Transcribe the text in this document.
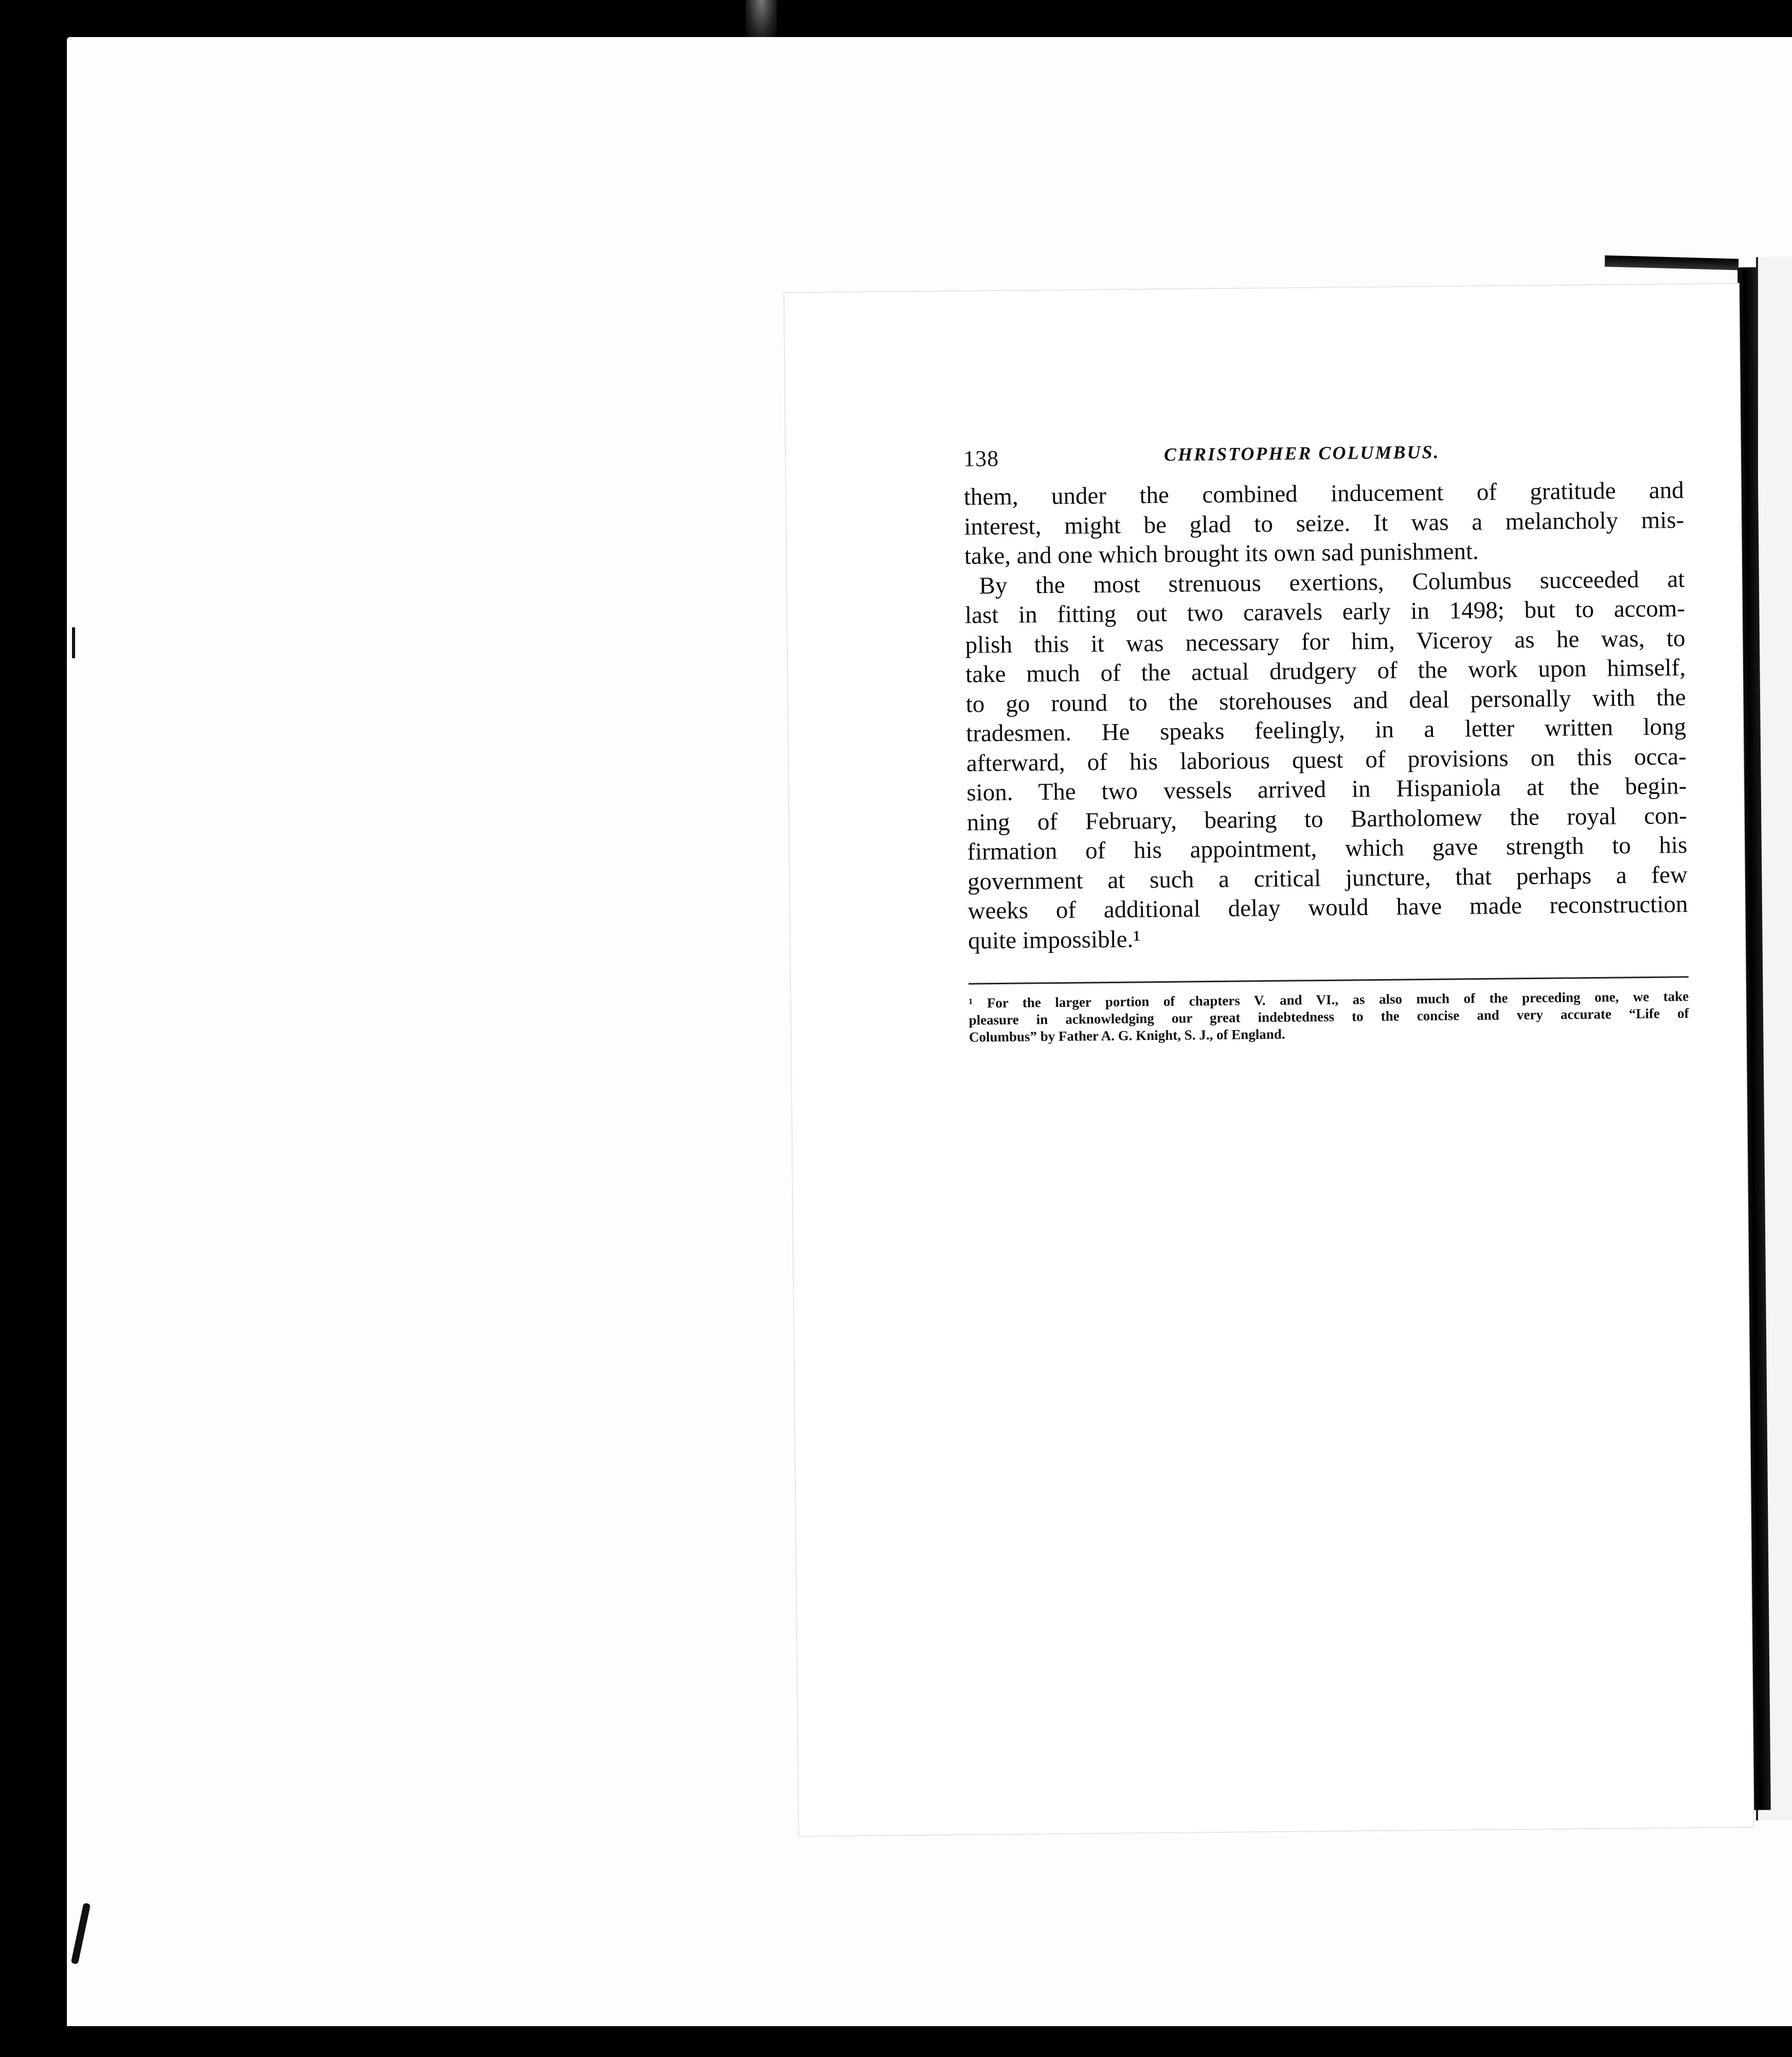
138	CHRISTOPHER COLUMBUS.
them, under the combined inducement of gratitude and
interest, might be glad to seize. It was a melancholy mis-
take, and one which brought its own sad punishment.
By the most strenuous exertions, Columbus succeeded at
last in fitting out two caravels early in 1498; but to accom-
plish this it was necessary for him, Viceroy as he was, to
take much of the actual drudgery of the work upon himself,
to go round to the storehouses and deal personally with the
tradesmen. He speaks feelingly, in a letter written long
afterward, of his laborious quest of provisions on this occa-
sion. The two vessels arrived in Hispaniola at the begin-
ning of February, bearing to Bartholomew the royal con-
firmation of his appointment, which gave strength to his
government at such a critical juncture, that perhaps a few
weeks of additional delay would have made reconstruction
quite impossible.¹
¹ For the larger portion of chapters V. and VI., as also much of the preceding one, we take
pleasure in acknowledging our great indebtedness to the concise and very accurate “Life of
Columbus” by Father A. G. Knight, S. J., of England.
